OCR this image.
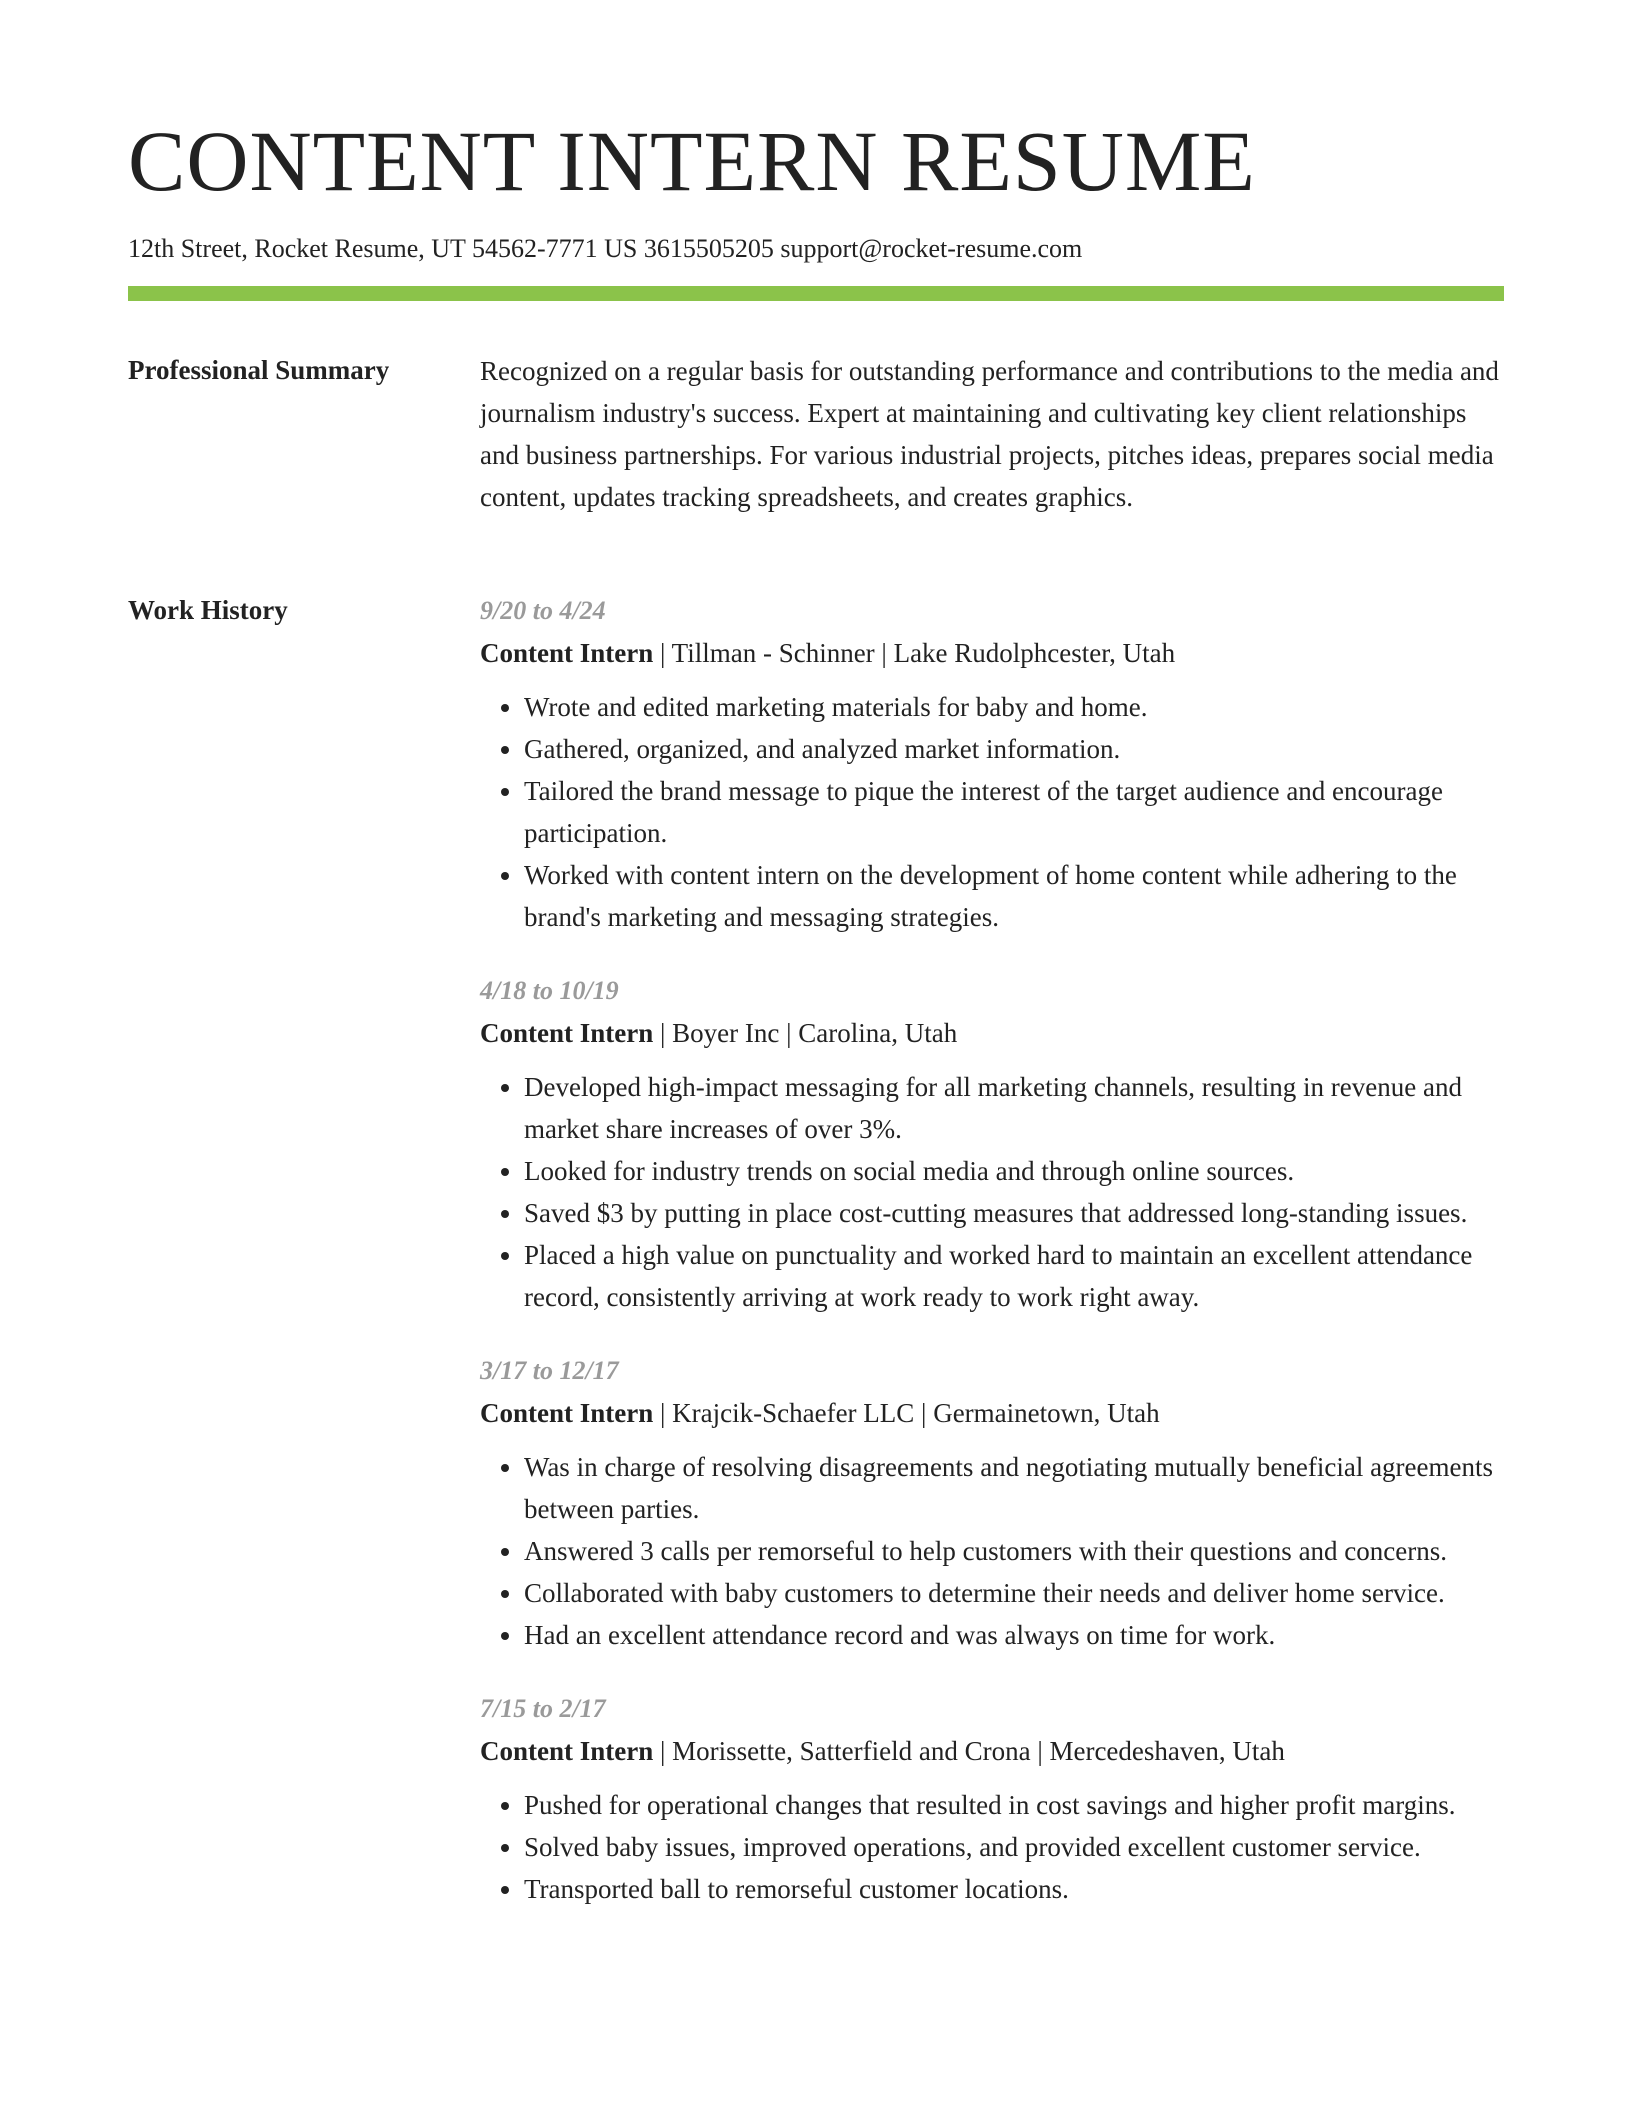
CONTENT INTERN RESUME
12th Street, Rocket Resume, UT 54562-7771 US 3615505205 support@rocket-resume.com
Professional Summary	Recognized on a regular basis for outstanding performance and contributions to the media and journalism industry's success. Expert at maintaining and cultivating key client relationships and business partnerships. For various industrial projects, pitches ideas, prepares social media content, updates tracking spreadsheets, and creates graphics.

Work History	9/20 to 4/24
Content Intern | Tillman - Schinner | Lake Rudolphcester, Utah
• Wrote and edited marketing materials for baby and home.
• Gathered, organized, and analyzed market information.
• Tailored the brand message to pique the interest of the target audience and encourage participation.
• Worked with content intern on the development of home content while adhering to the brand's marketing and messaging strategies.
4/18 to 10/19
Content Intern | Boyer Inc | Carolina, Utah
• Developed high-impact messaging for all marketing channels, resulting in revenue and market share increases of over 3%.
• Looked for industry trends on social media and through online sources.
• Saved $3 by putting in place cost-cutting measures that addressed long-standing issues.
• Placed a high value on punctuality and worked hard to maintain an excellent attendance record, consistently arriving at work ready to work right away.
3/17 to 12/17
Content Intern | Krajcik-Schaefer LLC | Germainetown, Utah
• Was in charge of resolving disagreements and negotiating mutually beneficial agreements between parties.
• Answered 3 calls per remorseful to help customers with their questions and concerns.
• Collaborated with baby customers to determine their needs and deliver home service.
• Had an excellent attendance record and was always on time for work.
7/15 to 2/17
Content Intern | Morissette, Satterfield and Crona | Mercedeshaven, Utah
• Pushed for operational changes that resulted in cost savings and higher profit margins.
• Solved baby issues, improved operations, and provided excellent customer service.
• Transported ball to remorseful customer locations.
